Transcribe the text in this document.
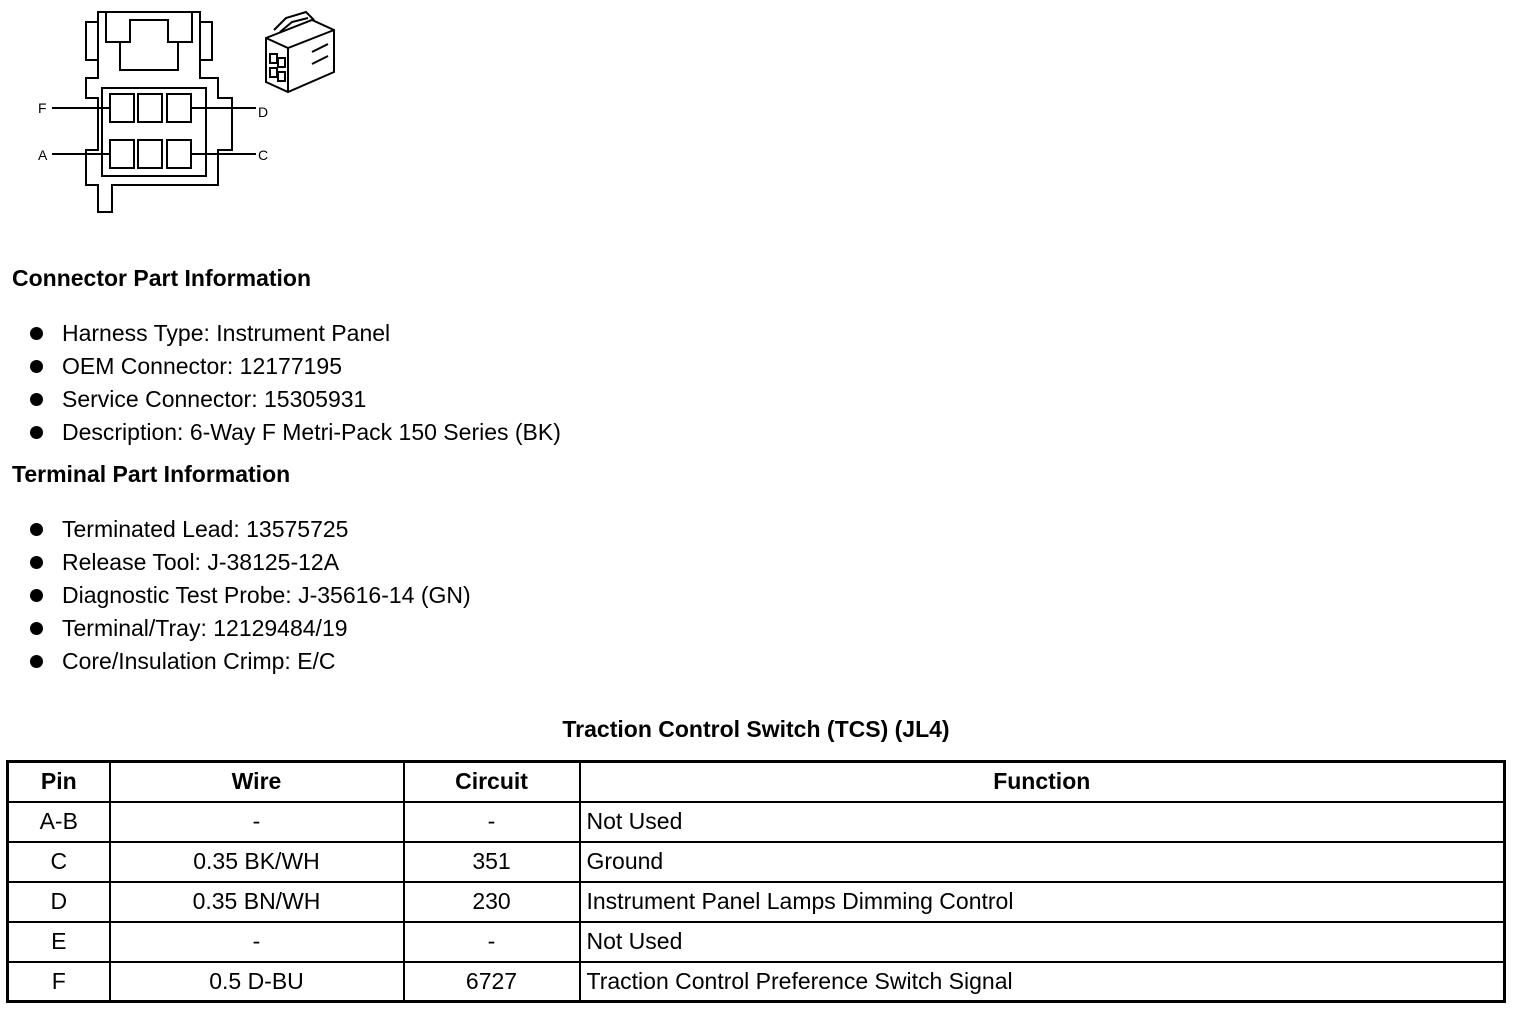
F	D
A	C
Connector Part Information
Harness Type: Instrument Panel
OEM Connector: 12177195
Service Connector: 15305931
Description: 6-Way F Metri-Pack 150 Series (BK)
Terminal Part Information
Terminated Lead: 13575725
Release Tool: J-38125-12A
Diagnostic Test Probe: J-35616-14 (GN)
Terminal/Tray: 12129484/19
Core/Insulation Crimp: E/C
Traction Control Switch (TCS) (JL4)
Pin	Wire	Circuit	Function
A-B	-	-	Not Used
C	0.35 BK/WH	351	Ground
D	0.35 BN/WH	230	Instrument Panel Lamps Dimming Control
E	-	-	Not Used
F	0.5 D-BU	6727	Traction Control Preference Switch Signal
